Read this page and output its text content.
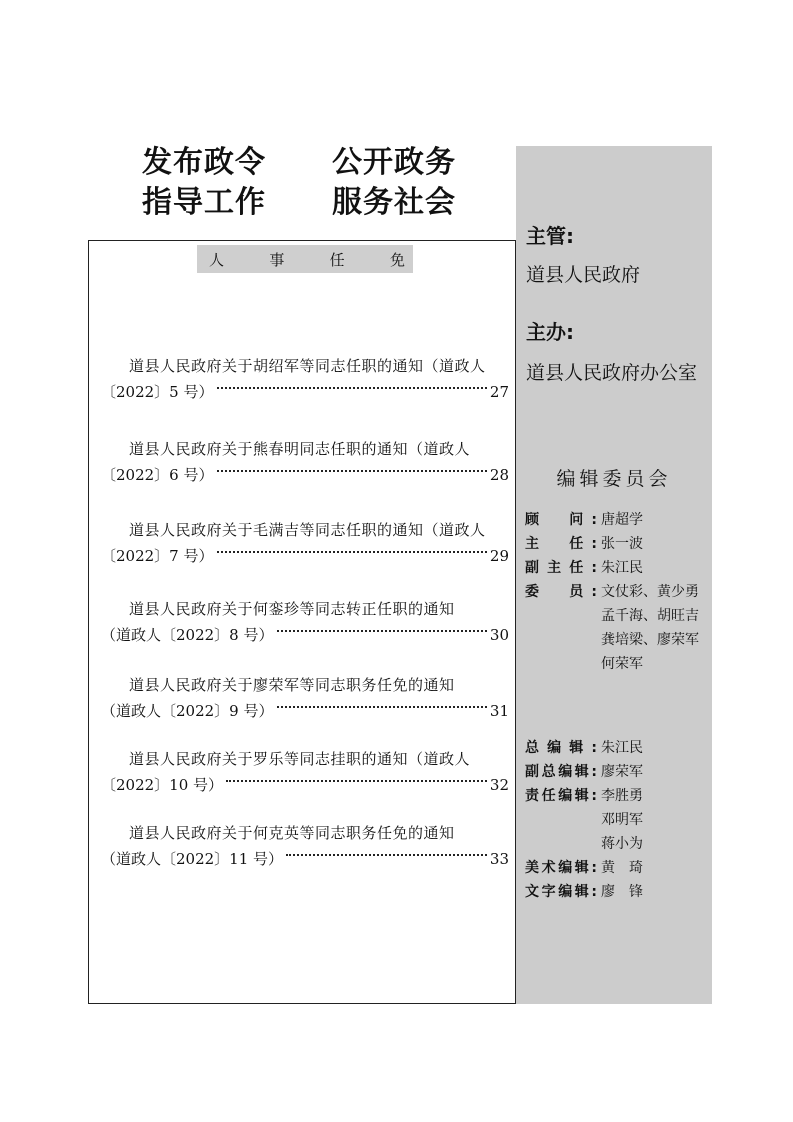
发布政令 公开政务
指导工作 服务社会
人	事	任	免
道县人民政府关于胡绍军等同志任职的通知（道政人
〔2022〕5 号）	27
道县人民政府关于熊春明同志任职的通知（道政人
〔2022〕6 号）	28
道县人民政府关于毛满吉等同志任职的通知（道政人
〔2022〕7 号）	29
道县人民政府关于何銮珍等同志转正任职的通知
（道政人〔2022〕8 号）	30
道县人民政府关于廖荣军等同志职务任免的通知
（道政人〔2022〕9 号）	31
道县人民政府关于罗乐等同志挂职的通知（道政人
〔2022〕10 号）	32
道县人民政府关于何克英等同志职务任免的通知
（道政人〔2022〕11 号）	33
主管:
道县人民政府
主办:
道县人民政府办公室
编辑委员会
顾　问: 唐超学
主　任: 张一波
副主任: 朱江民
委　员: 文仗彩、黄少勇
孟千海、胡旺吉
龚培梁、廖荣军
何荣军
总编辑: 朱江民
副总编辑: 廖荣军
责任编辑: 李胜勇
邓明军
蒋小为
美术编辑: 黄　琦
文字编辑: 廖　锋
